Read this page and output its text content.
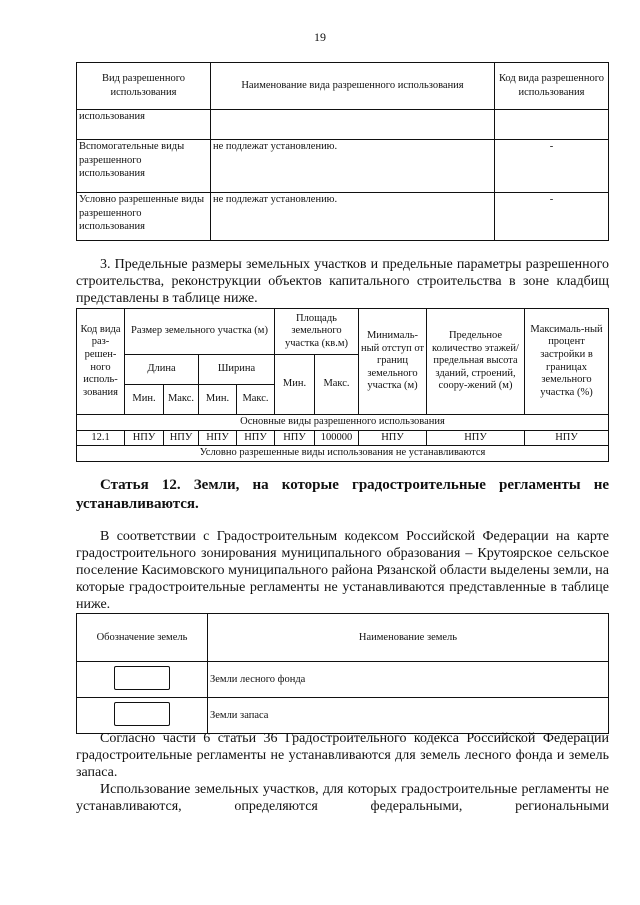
19
Вид разрешенного использования	Наименование вида разрешенного использования	Код вида разрешенного использования
использования		
Вспомогательные виды разрешенного использования	не подлежат установлению.	-
Условно разрешенные виды разрешенного использования	не подлежат установлению.	-

3. Предельные размеры земельных участков и предельные параметры разрешенного строительства, реконструкции объектов капитального строительства в зоне кладбищ представлены в таблице ниже.

Код вида раз-решен-ного исполь-зования	Размер земельного участка (м)				Площадь земельного участка (кв.м)		Минималь-ный отступ от границ земельного участка (м)	Предельное количество этажей/ предельная высота зданий, строений, соору-жений (м)	Максималь-ный процент застройки в границах земельного участка (%)
	Длина		Ширина		Мин.	Макс.			
	Мин.	Макс.	Мин.	Макс.					
Основные виды разрешенного использования									
12.1	НПУ	НПУ	НПУ	НПУ	НПУ	100000	НПУ	НПУ	НПУ
Условно разрешенные виды использования не устанавливаются									
Статья 12. Земли, на которые градостроительные регламенты не устанавливаются.

В соответствии с Градостроительным кодексом Российской Федерации на карте градостроительного зонирования муниципального образования – Крутоярское сельское поселение Касимовского муниципального района Рязанской области выделены земли, на которые градостроительные регламенты не устанавливаются представленные в таблице ниже.

Обозначение земель	Наименование земель
	Земли лесного фонда
	Земли запаса

Согласно части 6 статьи 36 Градостроительного кодекса Российской Федерации градостроительные регламенты не устанавливаются для земель лесного фонда и земель запаса.

Использование земельных участков, для которых градостроительные регламенты не устанавливаются, определяются федеральными, региональными
